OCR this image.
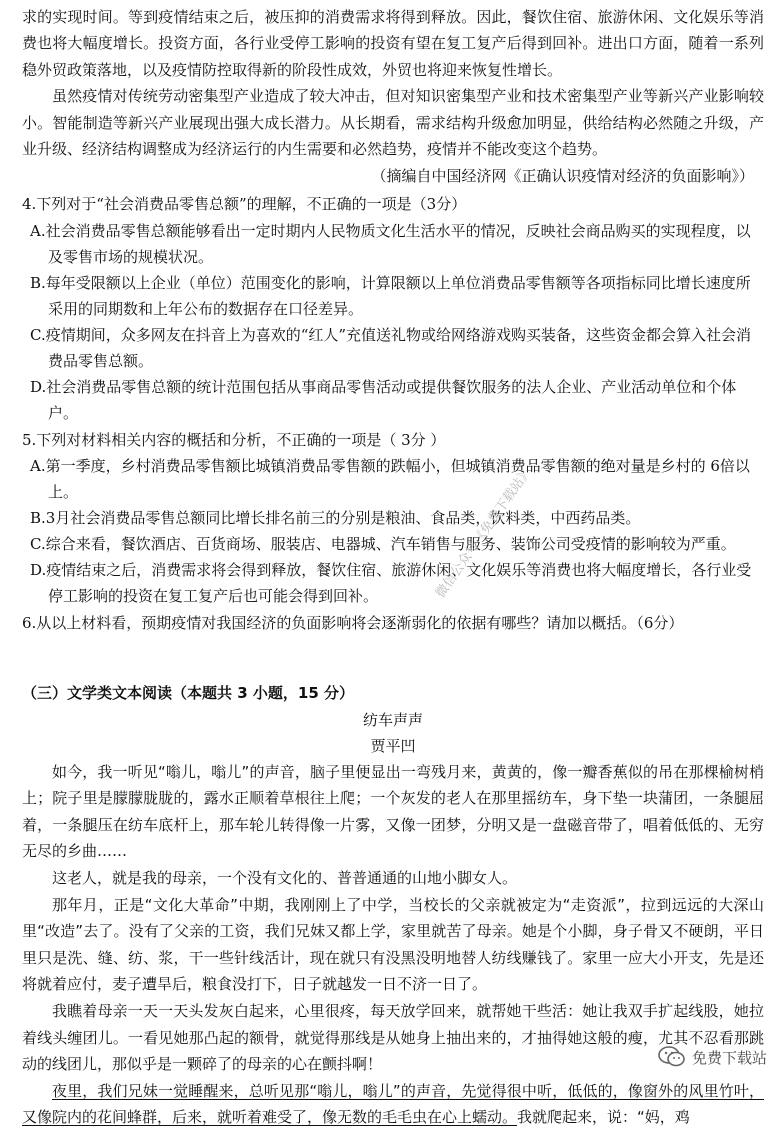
求的实现时间。等到疫情结束之后，被压抑的消费需求将得到释放。因此，餐饮住宿、旅游休闲、文化娱乐等消费也将大幅度增长。投资方面，各行业受停工影响的投资有望在复工复产后得到回补。进出口方面，随着一系列稳外贸政策落地，以及疫情防控取得新的阶段性成效，外贸也将迎来恢复性增长。

虽然疫情对传统劳动密集型产业造成了较大冲击，但对知识密集型产业和技术密集型产业等新兴产业影响较小。智能制造等新兴产业展现出强大成长潜力。从长期看，需求结构升级愈加明显，供给结构必然随之升级，产业升级、经济结构调整成为经济运行的内生需要和必然趋势，疫情并不能改变这个趋势。

（摘编自中国经济网《正确认识疫情对经济的负面影响》）

4.下列对于“社会消费品零售总额”的理解，不正确的一项是（3分）

A.社会消费品零售总额能够看出一定时期内人民物质文化生活水平的情况，反映社会商品购买的实现程度，以及零售市场的规模状况。

B.每年受限额以上企业（单位）范围变化的影响，计算限额以上单位消费品零售额等各项指标同比增长速度所采用的同期数和上年公布的数据存在口径差异。

C.疫情期间，众多网友在抖音上为喜欢的“红人”充值送礼物或给网络游戏购买装备，这些资金都会算入社会消费品零售总额。

D.社会消费品零售总额的统计范围包括从事商品零售活动或提供餐饮服务的法人企业、产业活动单位和个体户。

5.下列对材料相关内容的概括和分析，不正确的一项是（ 3分 ）

A.第一季度，乡村消费品零售额比城镇消费品零售额的跌幅小，但城镇消费品零售额的绝对量是乡村的 6倍以上。

B.3月社会消费品零售总额同比增长排名前三的分别是粮油、食品类，饮料类，中西药品类。

C.综合来看，餐饮酒店、百货商场、服装店、电器城、汽车销售与服务、装饰公司受疫情的影响较为严重。

D.疫情结束之后，消费需求将会得到释放，餐饮住宿、旅游休闲、文化娱乐等消费也将大幅度增长，各行业受停工影响的投资在复工复产后也可能会得到回补。

6.从以上材料看，预期疫情对我国经济的负面影响将会逐渐弱化的依据有哪些？请加以概括。（6分）

（三）文学类文本阅读（本题共 3 小题，15 分）

纺车声声

贾平凹

如今，我一听见“嗡儿，嗡儿”的声音，脑子里便显出一弯残月来，黄黄的，像一瓣香蕉似的吊在那棵榆树梢上；院子里是朦朦胧胧的，露水正顺着草根往上爬；一个灰发的老人在那里摇纺车，身下垫一块蒲团，一条腿屈着，一条腿压在纺车底杆上，那车轮儿转得像一片雾，又像一团梦，分明又是一盘磁音带了，唱着低低的、无穷无尽的乡曲……

这老人，就是我的母亲，一个没有文化的、普普通通的山地小脚女人。

那年月，正是“文化大革命”中期，我刚刚上了中学，当校长的父亲就被定为“走资派”，拉到远远的大深山里“改造”去了。没有了父亲的工资，我们兄妹又都上学，家里就苦了母亲。她是个小脚，身子骨又不硬朗，平日里只是洗、缝、纺、浆，干一些针线活计，现在就只有没黑没明地替人纺线赚钱了。家里一应大小开支，先是还将就着应付，麦子遭旱后，粮食没打下，日子就越发一日不济一日了。

我瞧着母亲一天一天头发灰白起来，心里很疼，每天放学回来，就帮她干些活：她让我双手扩起线股，她拉着线头缠团儿。一看见她那凸起的额骨，就觉得那线是从她身上抽出来的，才抽得她这般的瘦，尤其不忍看那跳动的线团儿，那似乎是一颗碎了的母亲的心在颤抖啊！

夜里，我们兄妹一觉睡醒来，总听见那“嗡儿，嗡儿”的声音，先觉得很中听，低低的，像窗外的风里竹叶，又像院内的花间蜂群，后来，就听着难受了，像无数的毛毛虫在心上蠕动。我就爬起来，说：“妈，鸡

微信公众号《免费下载站》
免费下载站
